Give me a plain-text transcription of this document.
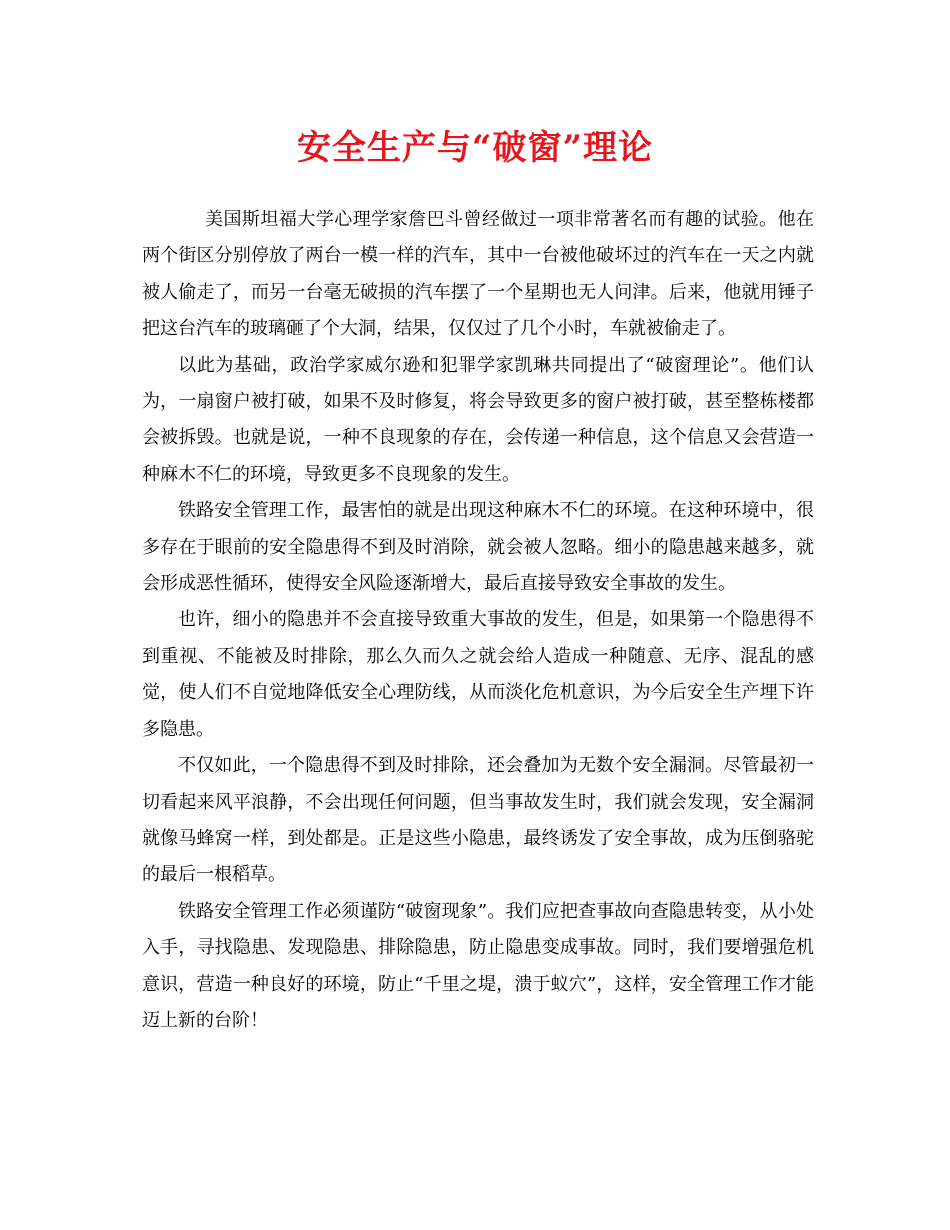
安全生产与“破窗”理论

美国斯坦福大学心理学家詹巴斗曾经做过一项非常著名而有趣的试验。他在两个街区分别停放了两台一模一样的汽车，其中一台被他破坏过的汽车在一天之内就被人偷走了，而另一台毫无破损的汽车摆了一个星期也无人问津。后来，他就用锤子把这台汽车的玻璃砸了个大洞，结果，仅仅过了几个小时，车就被偷走了。

以此为基础，政治学家威尔逊和犯罪学家凯琳共同提出了“破窗理论”。他们认为，一扇窗户被打破，如果不及时修复，将会导致更多的窗户被打破，甚至整栋楼都会被拆毁。也就是说，一种不良现象的存在，会传递一种信息，这个信息又会营造一种麻木不仁的环境，导致更多不良现象的发生。

铁路安全管理工作，最害怕的就是出现这种麻木不仁的环境。在这种环境中，很多存在于眼前的安全隐患得不到及时消除，就会被人忽略。细小的隐患越来越多，就会形成恶性循环，使得安全风险逐渐增大，最后直接导致安全事故的发生。

也许，细小的隐患并不会直接导致重大事故的发生，但是，如果第一个隐患得不到重视、不能被及时排除，那么久而久之就会给人造成一种随意、无序、混乱的感觉，使人们不自觉地降低安全心理防线，从而淡化危机意识，为今后安全生产埋下许多隐患。

不仅如此，一个隐患得不到及时排除，还会叠加为无数个安全漏洞。尽管最初一切看起来风平浪静，不会出现任何问题，但当事故发生时，我们就会发现，安全漏洞就像马蜂窝一样，到处都是。正是这些小隐患，最终诱发了安全事故，成为压倒骆驼的最后一根稻草。

铁路安全管理工作必须谨防“破窗现象”。我们应把查事故向查隐患转变，从小处入手，寻找隐患、发现隐患、排除隐患，防止隐患变成事故。同时，我们要增强危机意识，营造一种良好的环境，防止“千里之堤，溃于蚁穴”，这样，安全管理工作才能迈上新的台阶！
